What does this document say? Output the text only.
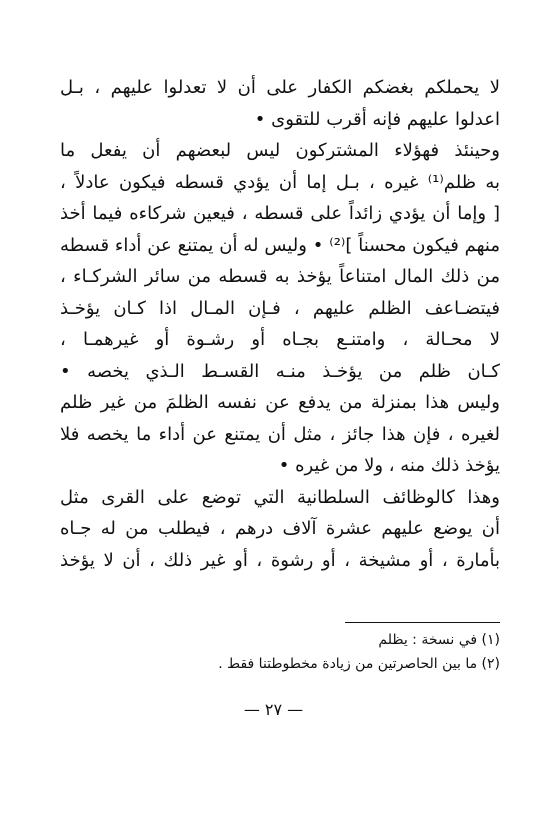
لا يحملكم بغضكم الكفار على أن لا تعدلوا عليهم ، بـل
اعدلوا عليهم فإنه أقرب للتقوى •
وحينئذ فهؤلاء المشتركون ليس لبعضهم أن يفعل ما
به ظلم⁽¹⁾ غيره ، بـل إما أن يؤدي قسطه فيكون عادلاً ،
[ وإما أن يؤدي زائداً على قسطه ، فيعين شركاءه فيما أخذ
منهم فيكون محسناً ]⁽²⁾ • وليس له أن يمتنع عن أداء قسطه
من ذلك المال امتناعاً يؤخذ به قسطه من سائر الشركـاء ،
فيتضـاعف الظلم عليهم ، فـإن المـال اذا كـان يؤخـذ
لا محـالة ، وامتنـع بجـاه أو رشـوة أو غيرهمـا ،
كـان ظلم من يؤخـذ منـه القسـط الـذي يخصه •
وليس هذا بمنزلة من يدفع عن نفسه الظلمَ من غير ظلم
لغيره ، فإن هذا جائز ، مثل أن يمتنع عن أداء ما يخصه فلا
يؤخذ ذلك منه ، ولا من غيره •
وهذا كالوظائف السلطانية التي توضع على القرى مثل
أن يوضع عليهم عشرة آلاف درهم ، فيطلب من له جـاه
بأمارة ، أو مشيخة ، أو رشوة ، أو غير ذلك ، أن لا يؤخذ
(١) في نسخة : يظلم
(٢) ما بين الحاصرتين من زيادة مخطوطتنا فقط .
— ٢٧ —
